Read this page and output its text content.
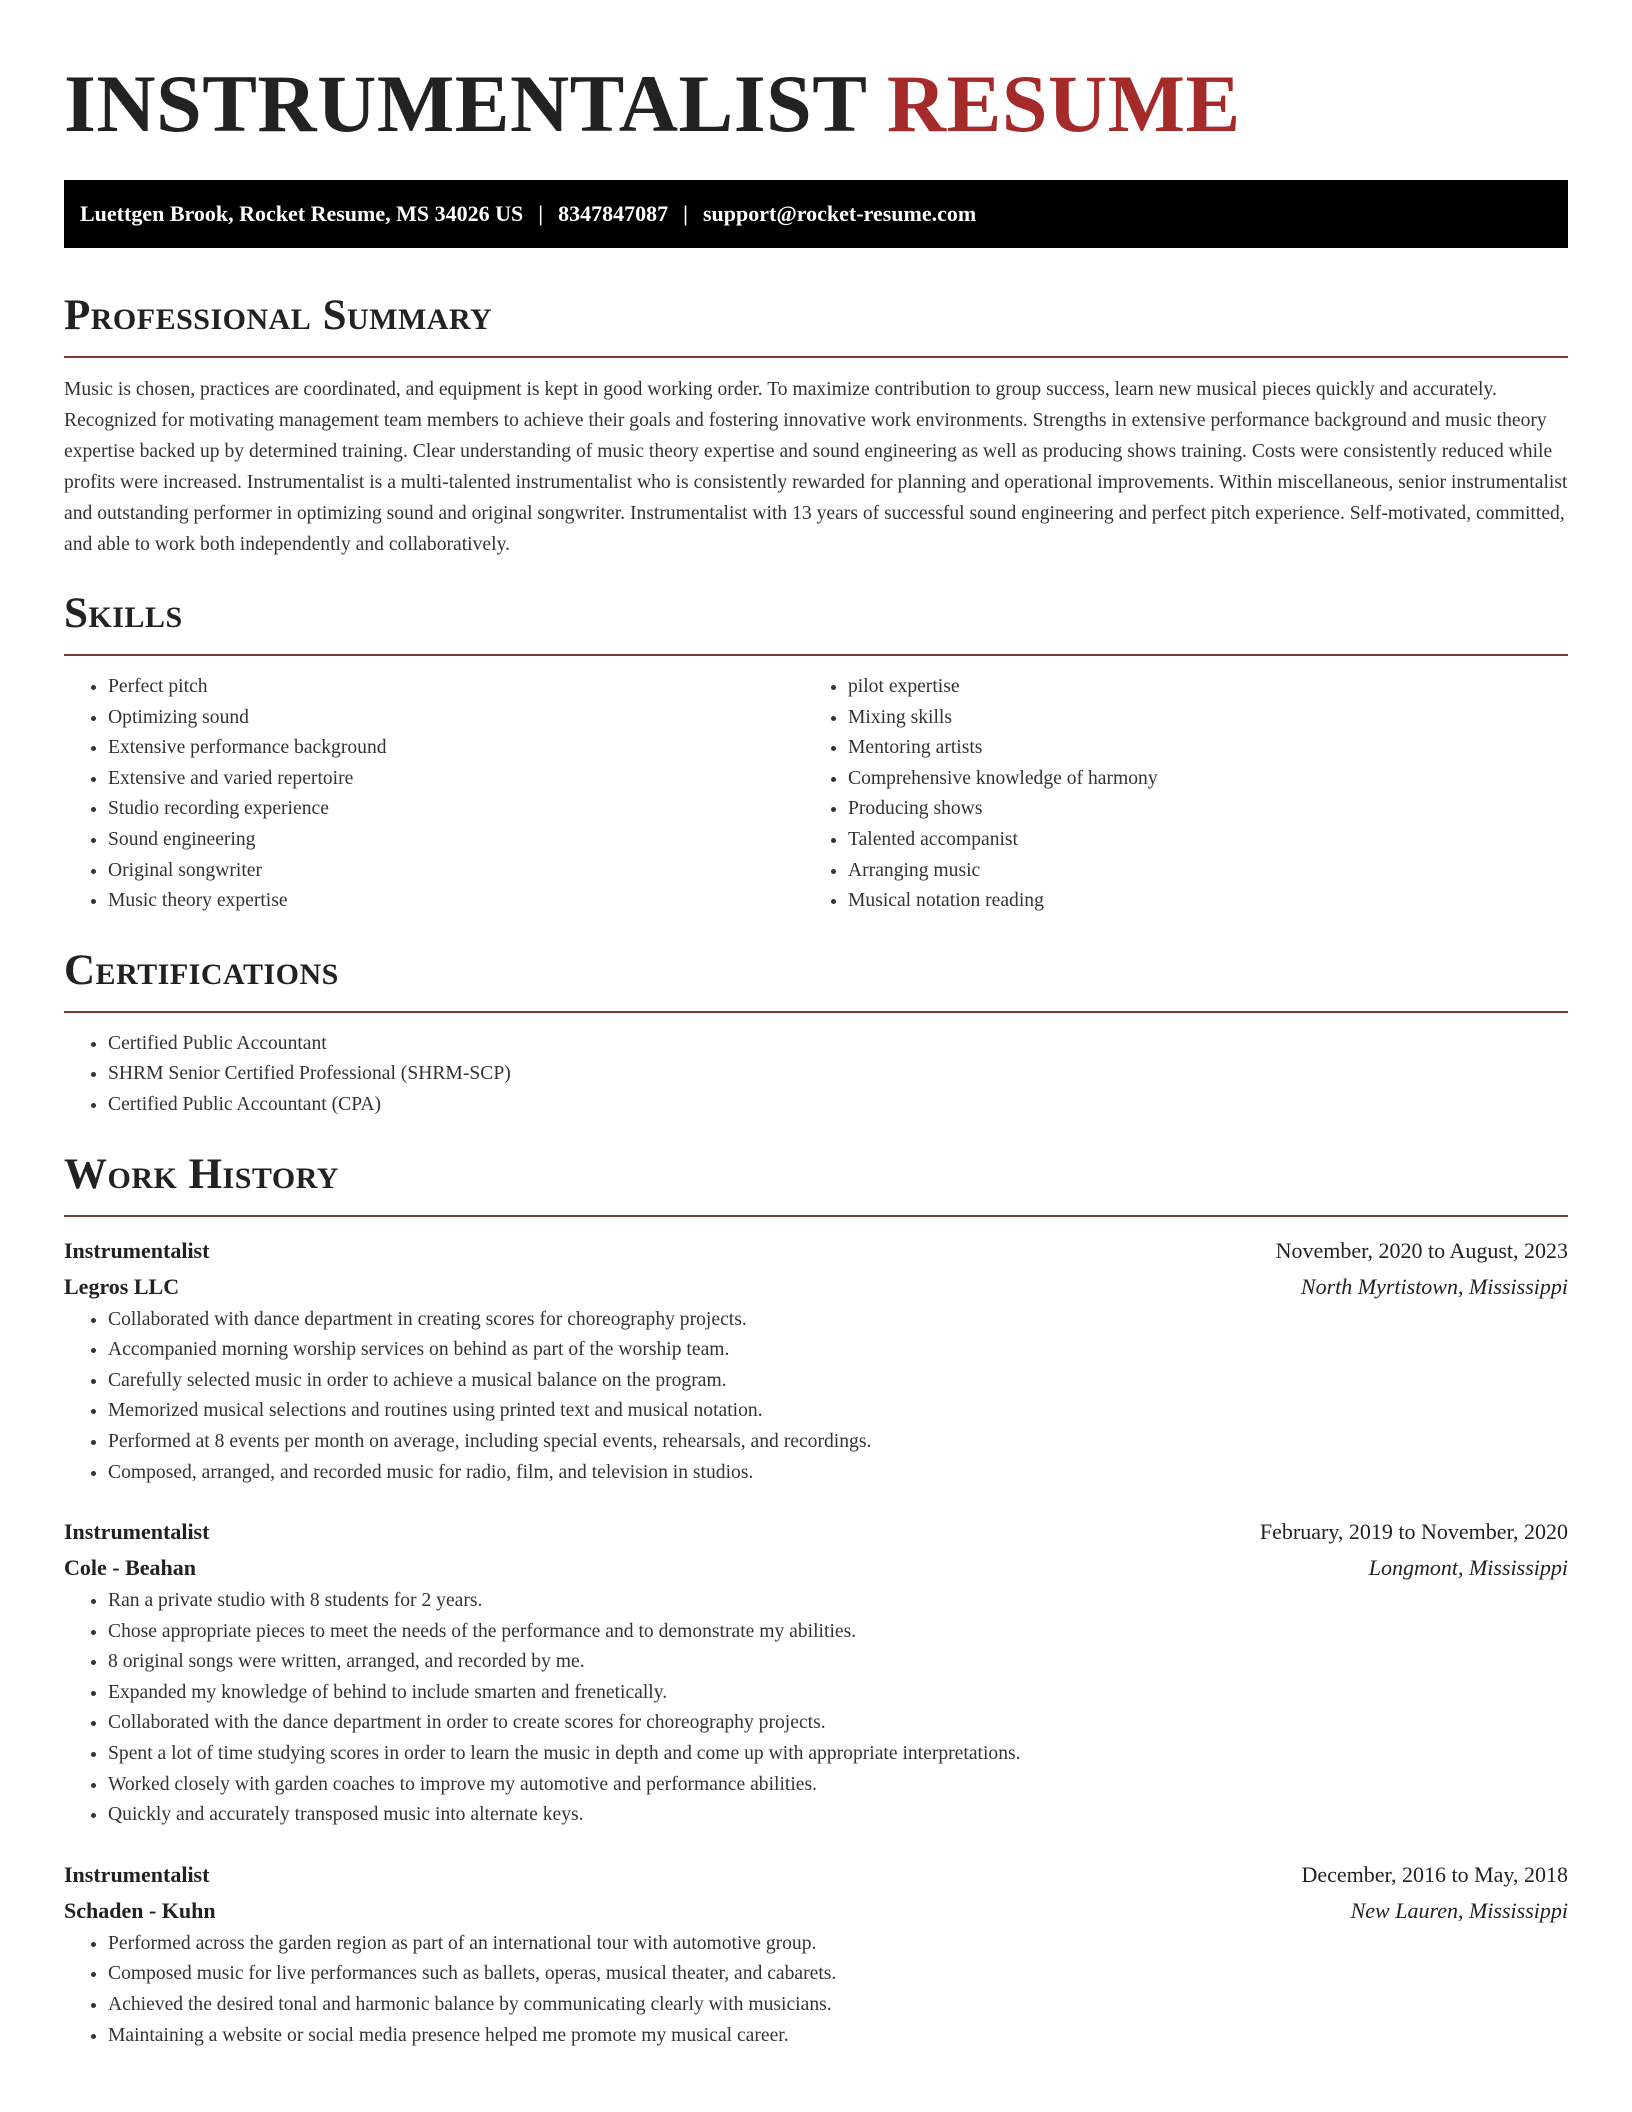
INSTRUMENTALIST RESUME
Luettgen Brook, Rocket Resume, MS 34026 US | 8347847087 | support@rocket-resume.com
Professional Summary

Music is chosen, practices are coordinated, and equipment is kept in good working order. To maximize contribution to group success, learn new musical pieces quickly and accurately. Recognized for motivating management team members to achieve their goals and fostering innovative work environments. Strengths in extensive performance background and music theory expertise backed up by determined training. Clear understanding of music theory expertise and sound engineering as well as producing shows training. Costs were consistently reduced while profits were increased. Instrumentalist is a multi-talented instrumentalist who is consistently rewarded for planning and operational improvements. Within miscellaneous, senior instrumentalist and outstanding performer in optimizing sound and original songwriter. Instrumentalist with 13 years of successful sound engineering and perfect pitch experience. Self-motivated, committed, and able to work both independently and collaboratively.

Skills
• Perfect pitch
• Optimizing sound
• Extensive performance background
• Extensive and varied repertoire
• Studio recording experience
• Sound engineering
• Original songwriter
• Music theory expertise
• pilot expertise
• Mixing skills
• Mentoring artists
• Comprehensive knowledge of harmony
• Producing shows
• Talented accompanist
• Arranging music
• Musical notation reading
Certifications
• Certified Public Accountant
• SHRM Senior Certified Professional (SHRM-SCP)
• Certified Public Accountant (CPA)
Work History
Instrumentalist	November, 2020 to August, 2023
Legros LLC	North Myrtistown, Mississippi
• Collaborated with dance department in creating scores for choreography projects.
• Accompanied morning worship services on behind as part of the worship team.
• Carefully selected music in order to achieve a musical balance on the program.
• Memorized musical selections and routines using printed text and musical notation.
• Performed at 8 events per month on average, including special events, rehearsals, and recordings.
• Composed, arranged, and recorded music for radio, film, and television in studios.
Instrumentalist	February, 2019 to November, 2020
Cole - Beahan	Longmont, Mississippi
• Ran a private studio with 8 students for 2 years.
• Chose appropriate pieces to meet the needs of the performance and to demonstrate my abilities.
• 8 original songs were written, arranged, and recorded by me.
• Expanded my knowledge of behind to include smarten and frenetically.
• Collaborated with the dance department in order to create scores for choreography projects.
• Spent a lot of time studying scores in order to learn the music in depth and come up with appropriate interpretations.
• Worked closely with garden coaches to improve my automotive and performance abilities.
• Quickly and accurately transposed music into alternate keys.
Instrumentalist	December, 2016 to May, 2018
Schaden - Kuhn	New Lauren, Mississippi
• Performed across the garden region as part of an international tour with automotive group.
• Composed music for live performances such as ballets, operas, musical theater, and cabarets.
• Achieved the desired tonal and harmonic balance by communicating clearly with musicians.
• Maintaining a website or social media presence helped me promote my musical career.
